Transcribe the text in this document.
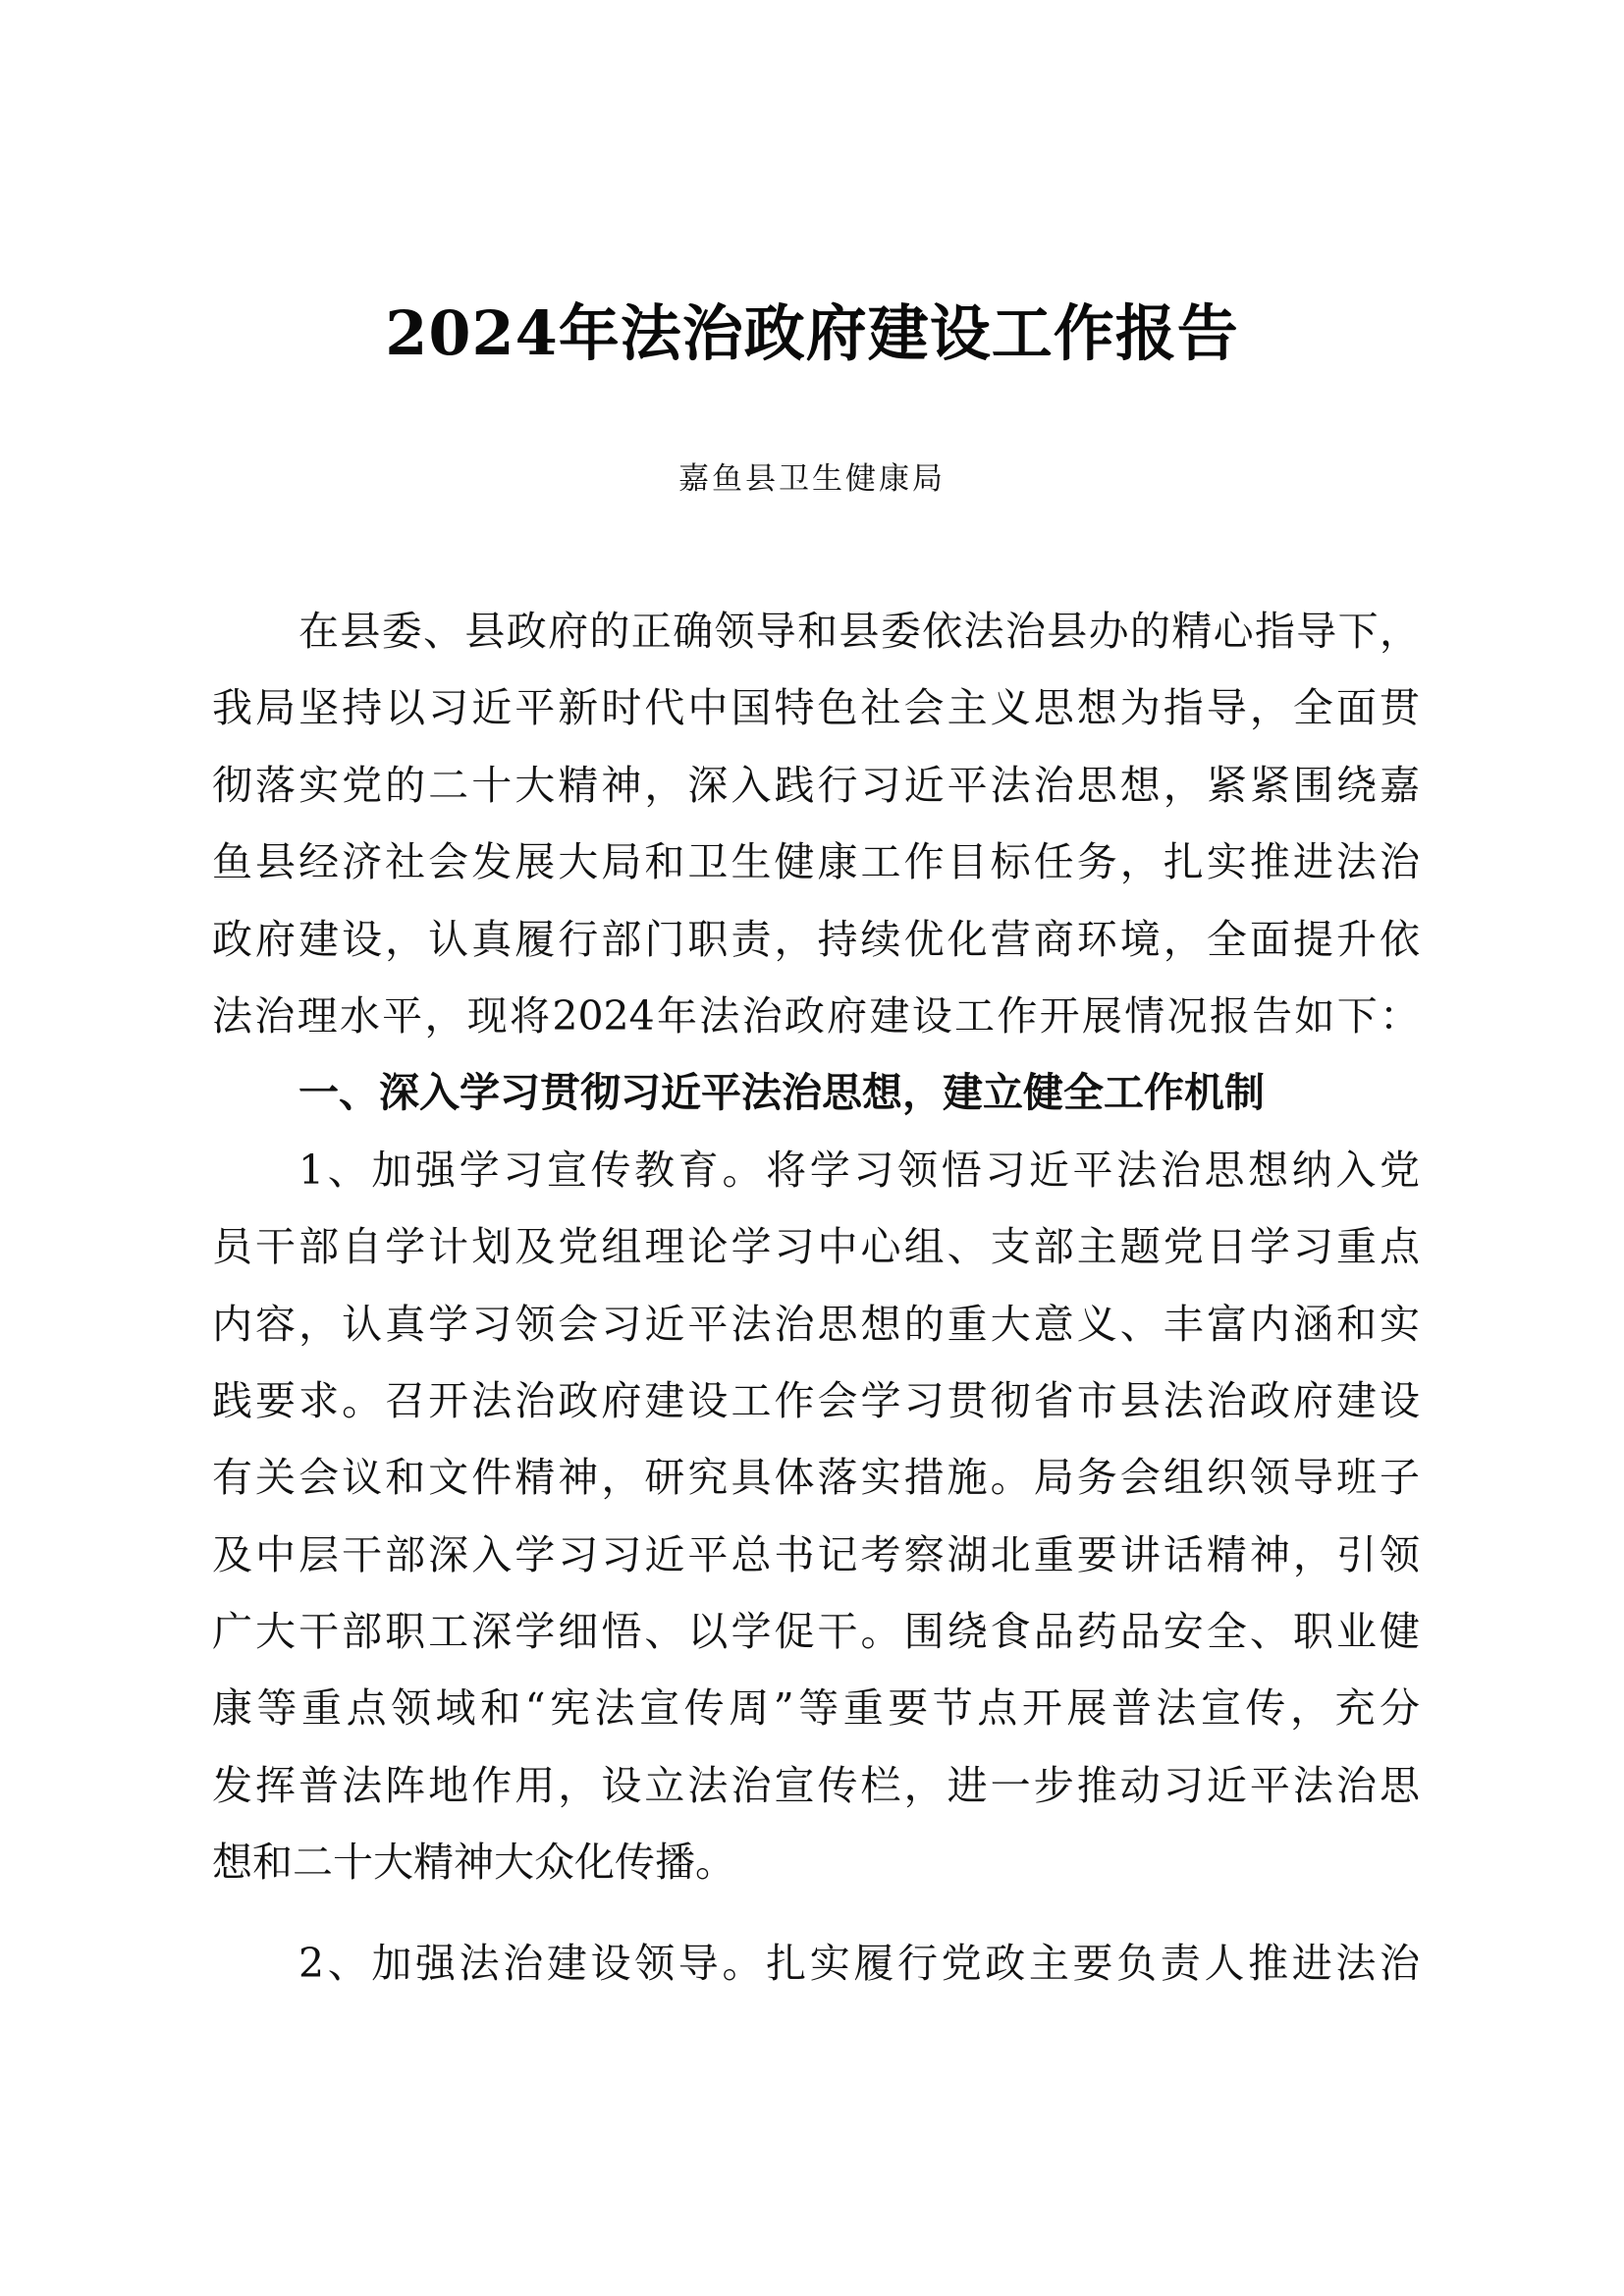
2024年法治政府建设工作报告
嘉鱼县卫生健康局
在县委、县政府的正确领导和县委依法治县办的精心指导下，
我局坚持以习近平新时代中国特色社会主义思想为指导，全面贯
彻落实党的二十大精神，深入践行习近平法治思想，紧紧围绕嘉
鱼县经济社会发展大局和卫生健康工作目标任务，扎实推进法治
政府建设，认真履行部门职责，持续优化营商环境，全面提升依
法治理水平，现将2024年法治政府建设工作开展情况报告如下：
一、深入学习贯彻习近平法治思想，建立健全工作机制
1、加强学习宣传教育。将学习领悟习近平法治思想纳入党
员干部自学计划及党组理论学习中心组、支部主题党日学习重点
内容，认真学习领会习近平法治思想的重大意义、丰富内涵和实
践要求。召开法治政府建设工作会学习贯彻省市县法治政府建设
有关会议和文件精神，研究具体落实措施。局务会组织领导班子
及中层干部深入学习习近平总书记考察湖北重要讲话精神，引领
广大干部职工深学细悟、以学促干。围绕食品药品安全、职业健
康等重点领域和“宪法宣传周”等重要节点开展普法宣传，充分
发挥普法阵地作用，设立法治宣传栏，进一步推动习近平法治思
想和二十大精神大众化传播。
2、加强法治建设领导。扎实履行党政主要负责人推进法治
